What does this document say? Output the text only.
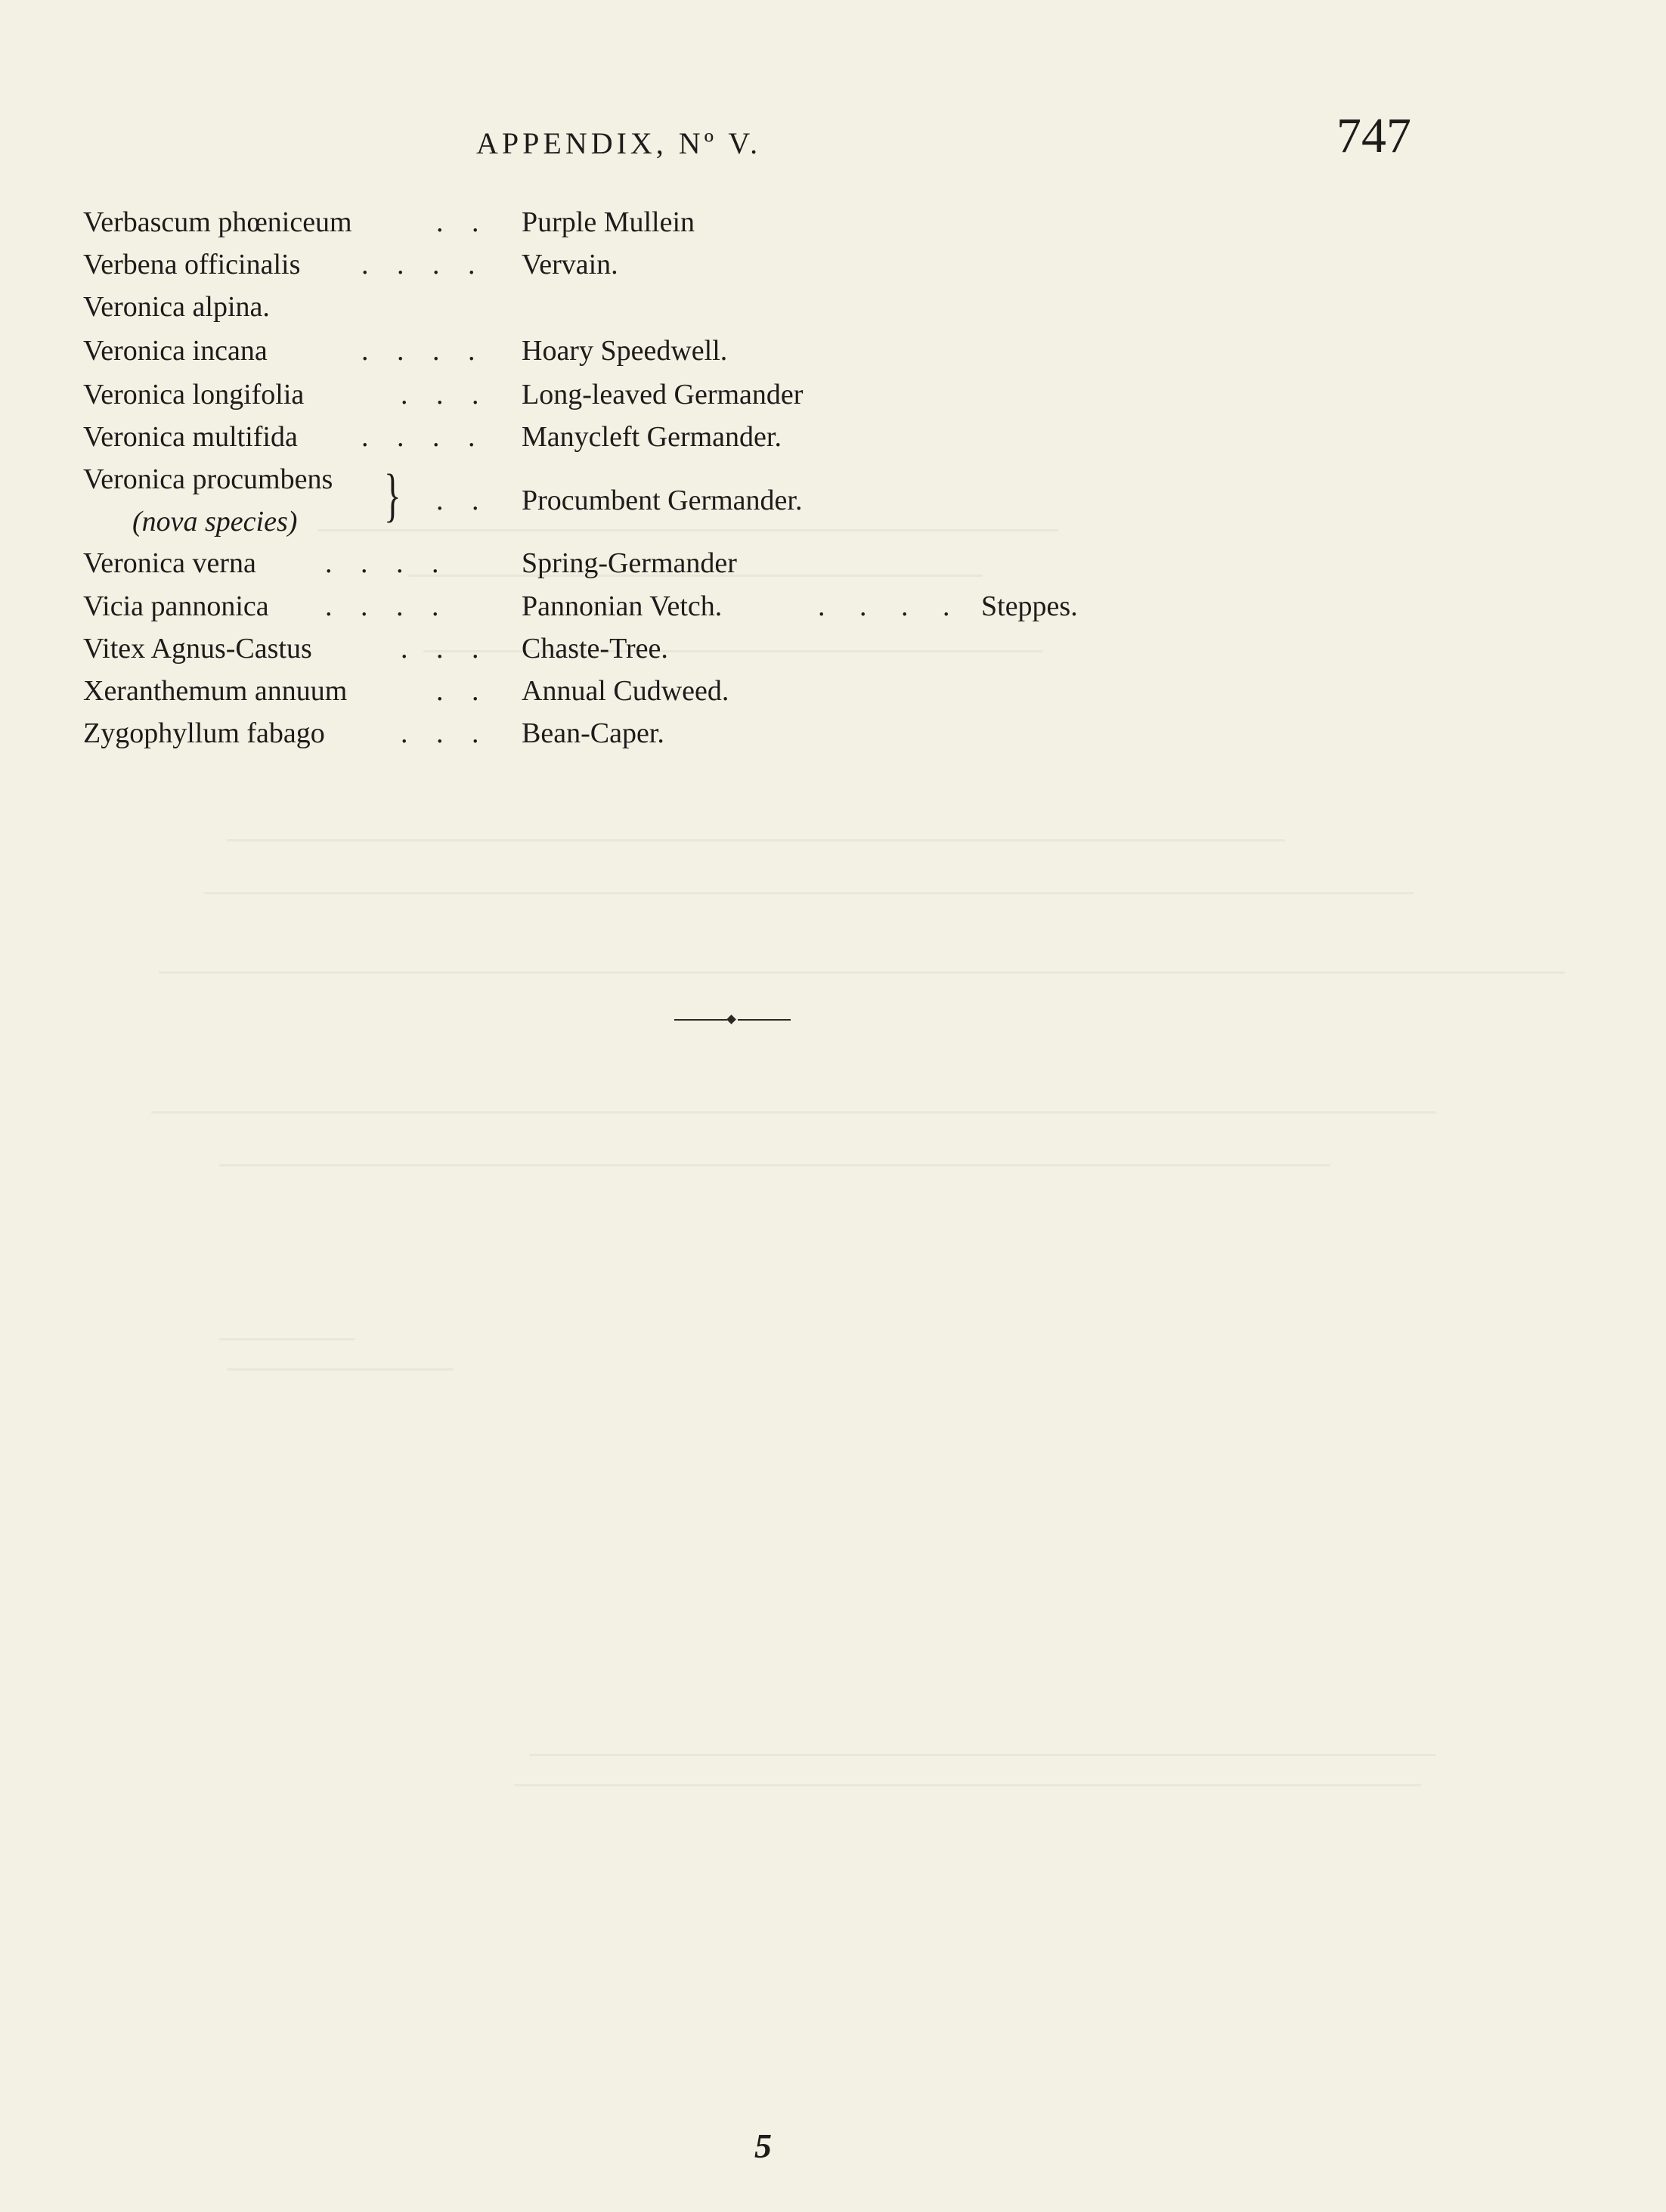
APPENDIX, Nº V.	747
Verbascum phœniceum	. . Purple Mullein
Verbena officinalis . . . . Vervain.
Veronica alpina.
Veronica incana	. . . . Hoary Speedwell.
Veronica longifolia	. . . Long-leaved Germander
Veronica multifida . . . . Manycleft Germander.
Veronica procumbens
(nova species) } . . Procumbent Germander.
Veronica verna . . . .	Spring-Germander
Vicia pannonica . . . .	Pannonian Vetch.	. . . . Steppes.
Vitex Agnus-Castus	. . . Chaste-Tree.
Xeranthemum annuum	. . Annual Cudweed.
Zygophyllum fabago	. . . Bean-Caper.
5
